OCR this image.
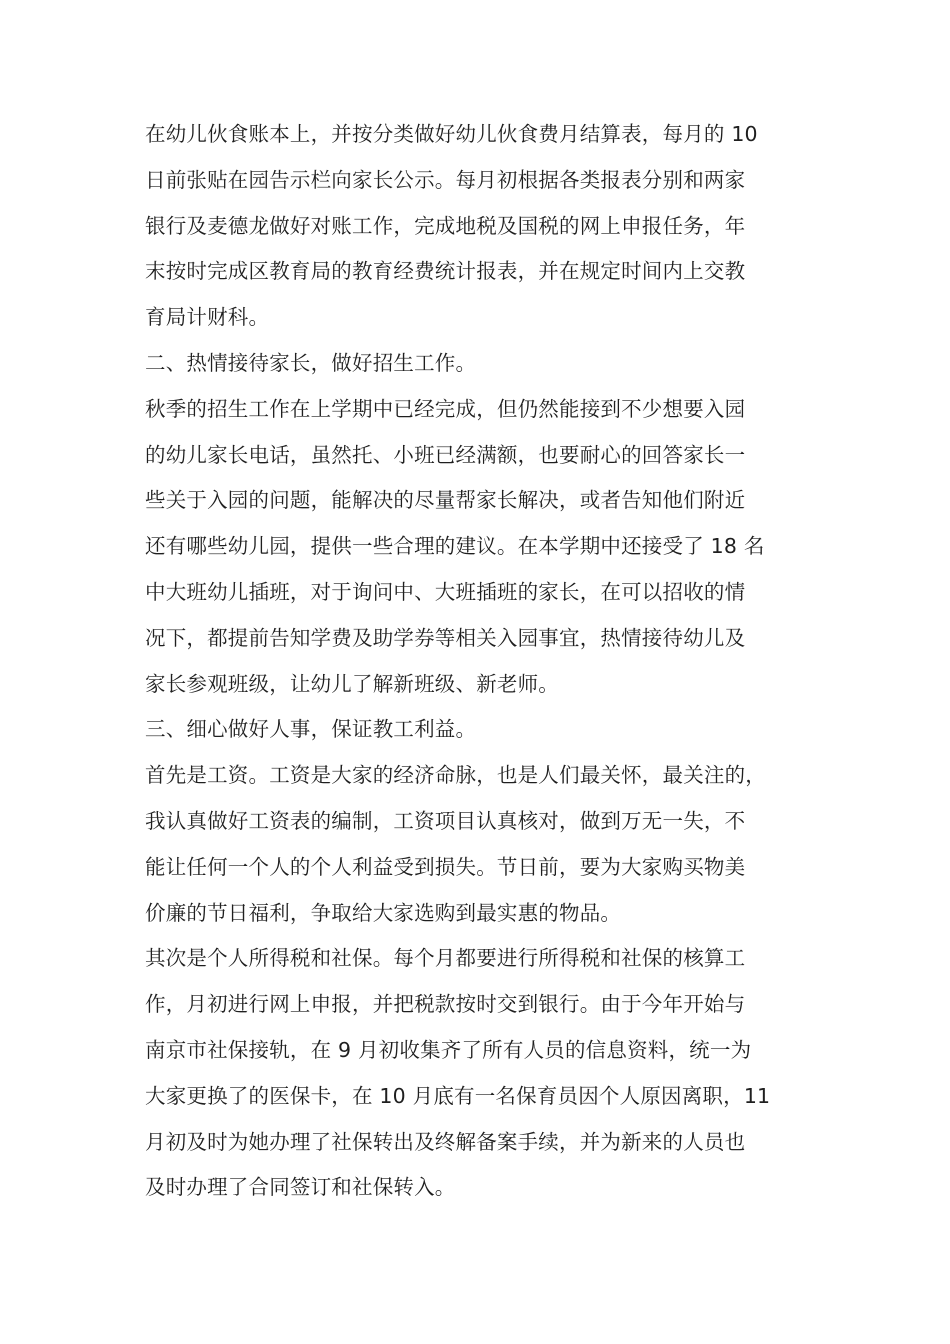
在幼儿伙食账本上，并按分类做好幼儿伙食费月结算表，每月的 10
日前张贴在园告示栏向家长公示。每月初根据各类报表分别和两家
银行及麦德龙做好对账工作，完成地税及国税的网上申报任务，年
末按时完成区教育局的教育经费统计报表，并在规定时间内上交教
育局计财科。
二、热情接待家长，做好招生工作。
秋季的招生工作在上学期中已经完成，但仍然能接到不少想要入园
的幼儿家长电话，虽然托、小班已经满额，也要耐心的回答家长一
些关于入园的问题，能解决的尽量帮家长解决，或者告知他们附近
还有哪些幼儿园，提供一些合理的建议。在本学期中还接受了 18 名
中大班幼儿插班，对于询问中、大班插班的家长，在可以招收的情
况下，都提前告知学费及助学券等相关入园事宜，热情接待幼儿及
家长参观班级，让幼儿了解新班级、新老师。
三、细心做好人事，保证教工利益。
首先是工资。工资是大家的经济命脉，也是人们最关怀，最关注的，
我认真做好工资表的编制，工资项目认真核对，做到万无一失，不
能让任何一个人的个人利益受到损失。节日前，要为大家购买物美
价廉的节日福利，争取给大家选购到最实惠的物品。
其次是个人所得税和社保。每个月都要进行所得税和社保的核算工
作，月初进行网上申报，并把税款按时交到银行。由于今年开始与
南京市社保接轨，在 9 月初收集齐了所有人员的信息资料，统一为
大家更换了的医保卡，在 10 月底有一名保育员因个人原因离职，11
月初及时为她办理了社保转出及终解备案手续，并为新来的人员也
及时办理了合同签订和社保转入。
